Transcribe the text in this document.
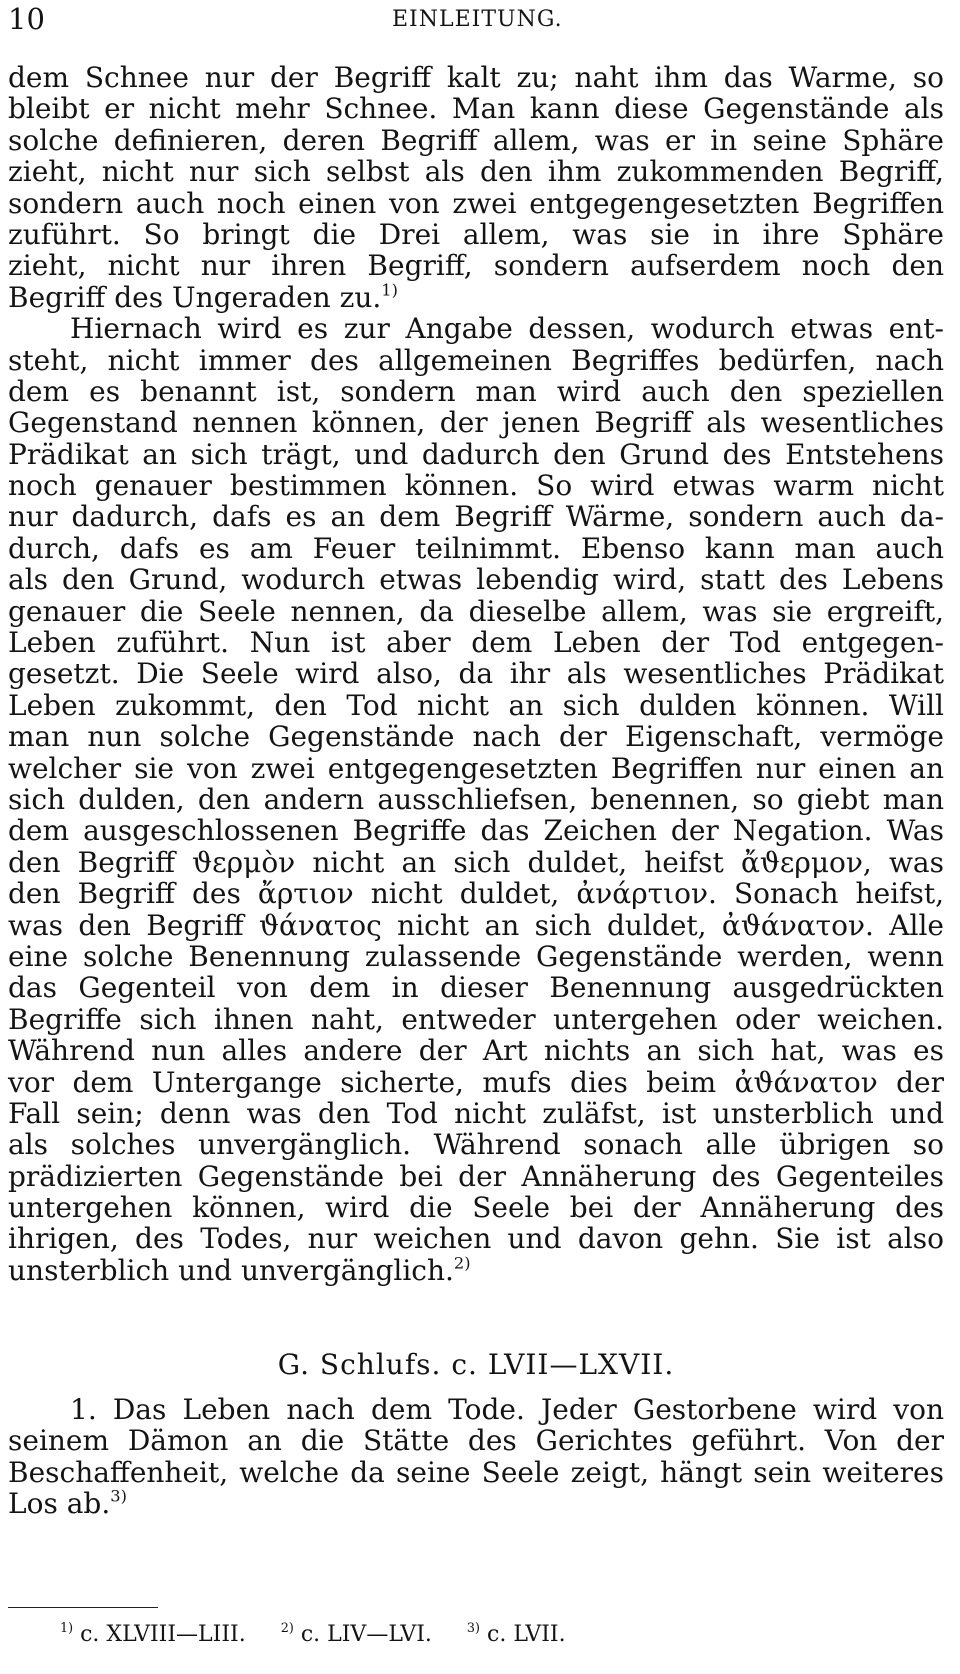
10	EINLEITUNG.
dem Schnee nur der Begriff kalt zu; naht ihm das Warme, so
bleibt er nicht mehr Schnee. Man kann diese Gegenstände als
solche definieren, deren Begriff allem, was er in seine Sphäre
zieht, nicht nur sich selbst als den ihm zukommenden Begriff,
sondern auch noch einen von zwei entgegengesetzten Begriffen
zuführt. So bringt die Drei allem, was sie in ihre Sphäre
zieht, nicht nur ihren Begriff, sondern aufserdem noch den
Begriff des Ungeraden zu.$^{1)}$
Hiernach wird es zur Angabe dessen, wodurch etwas ent-
steht, nicht immer des allgemeinen Begriffes bedürfen, nach
dem es benannt ist, sondern man wird auch den speziellen
Gegenstand nennen können, der jenen Begriff als wesentliches
Prädikat an sich trägt, und dadurch den Grund des Entstehens
noch genauer bestimmen können. So wird etwas warm nicht
nur dadurch, dafs es an dem Begriff Wärme, sondern auch da-
durch, dafs es am Feuer teilnimmt. Ebenso kann man auch
als den Grund, wodurch etwas lebendig wird, statt des Lebens
genauer die Seele nennen, da dieselbe allem, was sie ergreift,
Leben zuführt. Nun ist aber dem Leben der Tod entgegen-
gesetzt. Die Seele wird also, da ihr als wesentliches Prädikat
Leben zukommt, den Tod nicht an sich dulden können. Will
man nun solche Gegenstände nach der Eigenschaft, vermöge
welcher sie von zwei entgegengesetzten Begriffen nur einen an
sich dulden, den andern ausschliefsen, benennen, so giebt man
dem ausgeschlossenen Begriffe das Zeichen der Negation. Was
den Begriff ϑερμὸν nicht an sich duldet, heifst ἄϑερμον, was
den Begriff des ἄρτιον nicht duldet, ἀνάρτιον. Sonach heifst,
was den Begriff ϑάνατος nicht an sich duldet, ἀϑάνατον. Alle
eine solche Benennung zulassende Gegenstände werden, wenn
das Gegenteil von dem in dieser Benennung ausgedrückten
Begriffe sich ihnen naht, entweder untergehen oder weichen.
Während nun alles andere der Art nichts an sich hat, was es
vor dem Untergange sicherte, mufs dies beim ἀϑάνατον der
Fall sein; denn was den Tod nicht zuläfst, ist unsterblich und
als solches unvergänglich. Während sonach alle übrigen so
prädizierten Gegenstände bei der Annäherung des Gegenteiles
untergehen können, wird die Seele bei der Annäherung des
ihrigen, des Todes, nur weichen und davon gehn. Sie ist also
unsterblich und unvergänglich.$^{2)}$
G. Schlufs. c. LVII—LXVII.
1. Das Leben nach dem Tode. Jeder Gestorbene wird von
seinem Dämon an die Stätte des Gerichtes geführt. Von der
Beschaffenheit, welche da seine Seele zeigt, hängt sein weiteres
Los ab.$^{3)}$
$^{1)}$ c. XLVIII—LIII.	$^{2)}$ c. LIV—LVI.	$^{3)}$ c. LVII.
